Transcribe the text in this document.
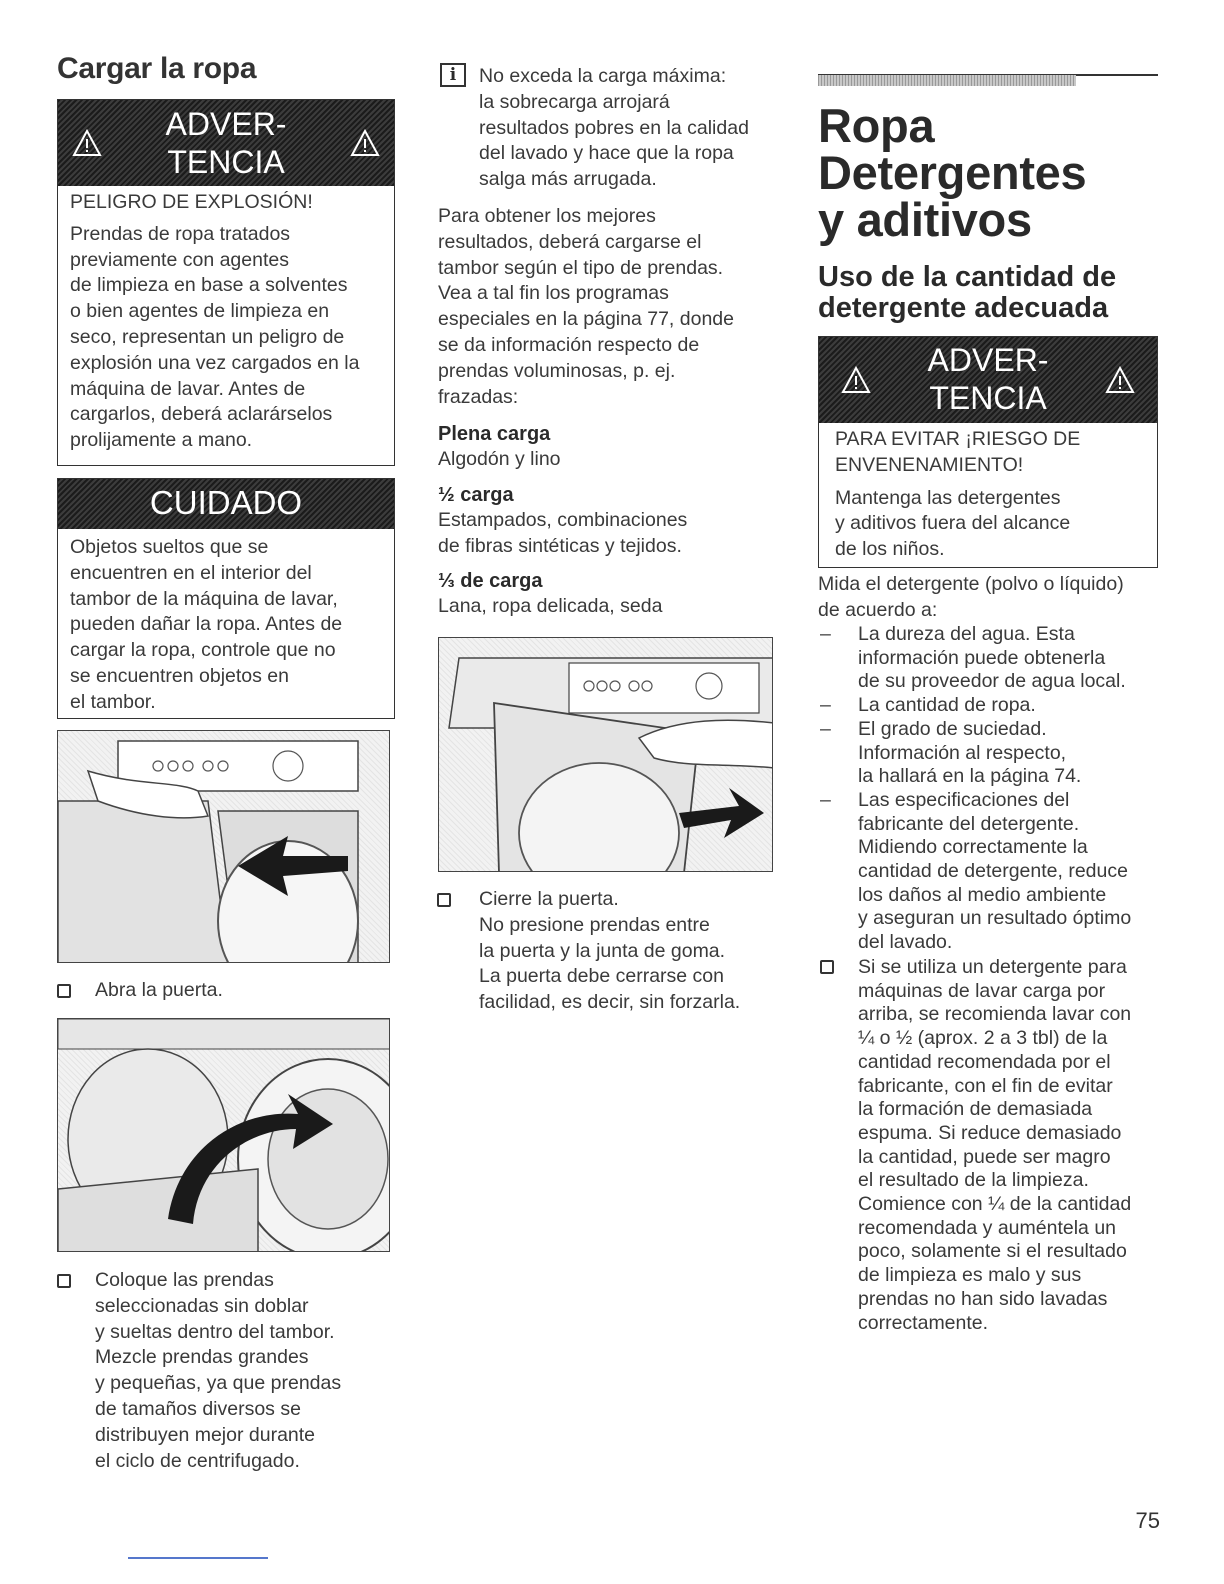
Cargar la ropa
ADVER-
TENCIA
PELIGRO DE EXPLOSIÓN!
Prendas de ropa tratados
previamente con agentes
de limpieza en base a solventes
o bien agentes de limpieza en
seco, representan un peligro de
explosión una vez cargados en la
máquina de lavar. Antes de
cargarlos, deberá aclarárselos
prolijamente a mano.
CUIDADO
Objetos sueltos que se
encuentren en el interior del
tambor de la máquina de lavar,
pueden dañar la ropa. Antes de
cargar la ropa, controle que no
se encuentren objetos en
el tambor.
Abra la puerta.
Coloque las prendas
seleccionadas sin doblar
y sueltas dentro del tambor.
Mezcle prendas grandes
y pequeñas, ya que prendas
de tamaños diversos se
distribuyen mejor durante
el ciclo de centrifugado.
i	No exceda la carga máxima:
la sobrecarga arrojará
resultados pobres en la calidad
del lavado y hace que la ropa
salga más arrugada.
Para obtener los mejores
resultados, deberá cargarse el
tambor según el tipo de prendas.
Vea a tal fin los programas
especiales en la página 77, donde
se da información respecto de
prendas voluminosas, p. ej.
frazadas:
Plena carga
Algodón y lino
½ carga
Estampados, combinaciones
de fibras sintéticas y tejidos.
⅓ de carga
Lana, ropa delicada, seda
Cierre la puerta.
No presione prendas entre
la puerta y la junta de goma.
La puerta debe cerrarse con
facilidad, es decir, sin forzarla.
Ropa
Detergentes
y aditivos
Uso de la cantidad de
detergente adecuada
ADVER-
TENCIA
PARA EVITAR ¡RIESGO DE
ENVENENAMIENTO!
Mantenga las detergentes
y aditivos fuera del alcance
de los niños.
Mida el detergente (polvo o líquido)
de acuerdo a:
– La dureza del agua. Esta
información puede obtenerla
de su proveedor de agua local.
– La cantidad de ropa.
– El grado de suciedad.
Información al respecto,
la hallará en la página 74.
– Las especificaciones del
fabricante del detergente.
Midiendo correctamente la
cantidad de detergente, reduce
los daños al medio ambiente
y aseguran un resultado óptimo
del lavado.
Si se utiliza un detergente para
máquinas de lavar carga por
arriba, se recomienda lavar con
¼ o ½ (aprox. 2 a 3 tbl) de la
cantidad recomendada por el
fabricante, con el fin de evitar
la formación de demasiada
espuma. Si reduce demasiado
la cantidad, puede ser magro
el resultado de la limpieza.
Comience con ¼ de la cantidad
recomendada y auméntela un
poco, solamente si el resultado
de limpieza es malo y sus
prendas no han sido lavadas
correctamente.
75
